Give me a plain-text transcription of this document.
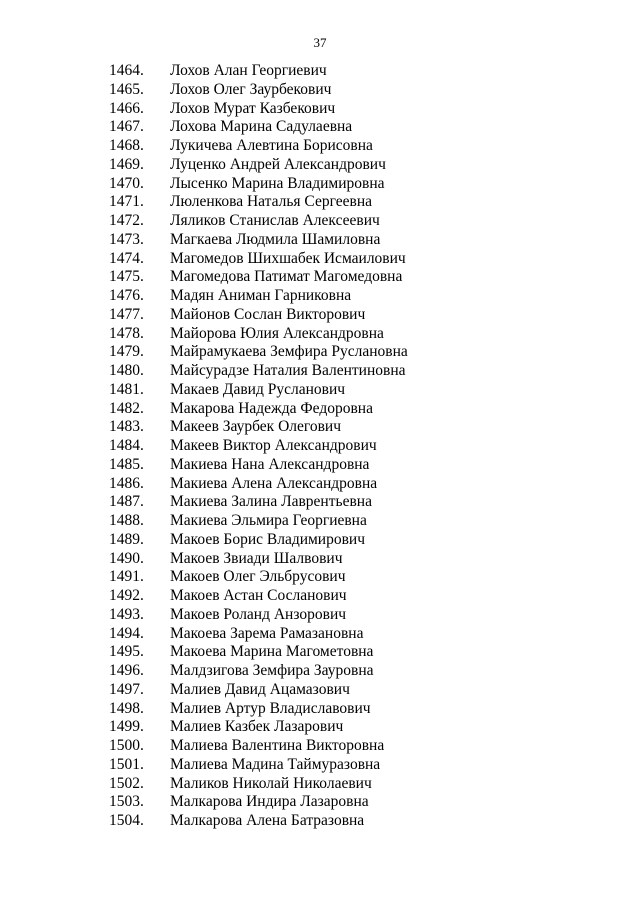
37
1464. Лохов Алан Георгиевич
1465. Лохов Олег Заурбекович
1466. Лохов Мурат Казбекович
1467. Лохова Марина Садулаевна
1468. Лукичева Алевтина Борисовна
1469. Луценко Андрей Александрович
1470. Лысенко Марина Владимировна
1471. Люленкова Наталья Сергеевна
1472. Ляликов Станислав Алексеевич
1473. Магкаева Людмила Шамиловна
1474. Магомедов Шихшабек Исмаилович
1475. Магомедова Патимат Магомедовна
1476. Мадян Аниман Гарниковна
1477. Майонов Сослан Викторович
1478. Майорова Юлия Александровна
1479. Майрамукаева Земфира Руслановна
1480. Майсурадзе Наталия Валентиновна
1481. Макаев Давид Русланович
1482. Макарова Надежда Федоровна
1483. Макеев Заурбек Олегович
1484. Макеев Виктор Александрович
1485. Макиева Нана Александровна
1486. Макиева Алена Александровна
1487. Макиева Залина Лаврентьевна
1488. Макиева Эльмира Георгиевна
1489. Макоев Борис Владимирович
1490. Макоев Звиади Шалвович
1491. Макоев Олег Эльбрусович
1492. Макоев Астан Сосланович
1493. Макоев Роланд Анзорович
1494. Макоева Зарема Рамазановна
1495. Макоева Марина Магометовна
1496. Малдзигова Земфира Зауровна
1497. Малиев Давид Ацамазович
1498. Малиев Артур Владиславович
1499. Малиев Казбек Лазарович
1500. Малиева Валентина Викторовна
1501. Малиева Мадина Таймуразовна
1502. Маликов Николай Николаевич
1503. Малкарова Индира Лазаровна
1504. Малкарова Алена Батразовна
